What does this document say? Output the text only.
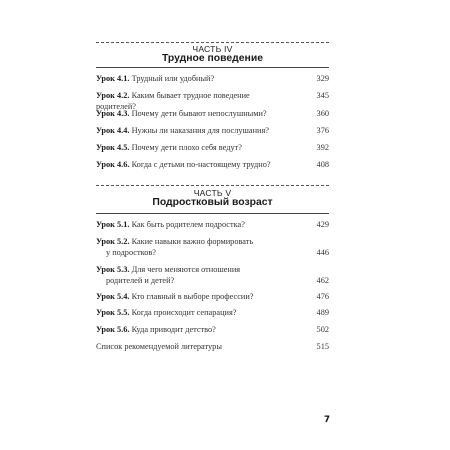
ЧАСТЬ IV
Трудное поведение
329
Урок 4.1. Трудный или удобный?
345
Урок 4.2. Каким бывает трудное поведение родителей?
360
Урок 4.3. Почему дети бывают непослушными?
376
Урок 4.4. Нужны ли наказания для послушания?
392
Урок 4.5. Почему дети плохо себя ведут?
408
Урок 4.6. Когда с детьми по-настоящему трудно?
ЧАСТЬ V
Подростковый возраст
429
Урок 5.1. Как быть родителем подростка?
446
Урок 5.2. Какие навыки важно формировать
у подростков?
462
Урок 5.3. Для чего меняются отношения
родителей и детей?
476
Урок 5.4. Кто главный в выборе профессии?
489
Урок 5.5. Когда происходит сепарация?
502
Урок 5.6. Куда приводит детство?
515
Список рекомендуемой литературы
7
